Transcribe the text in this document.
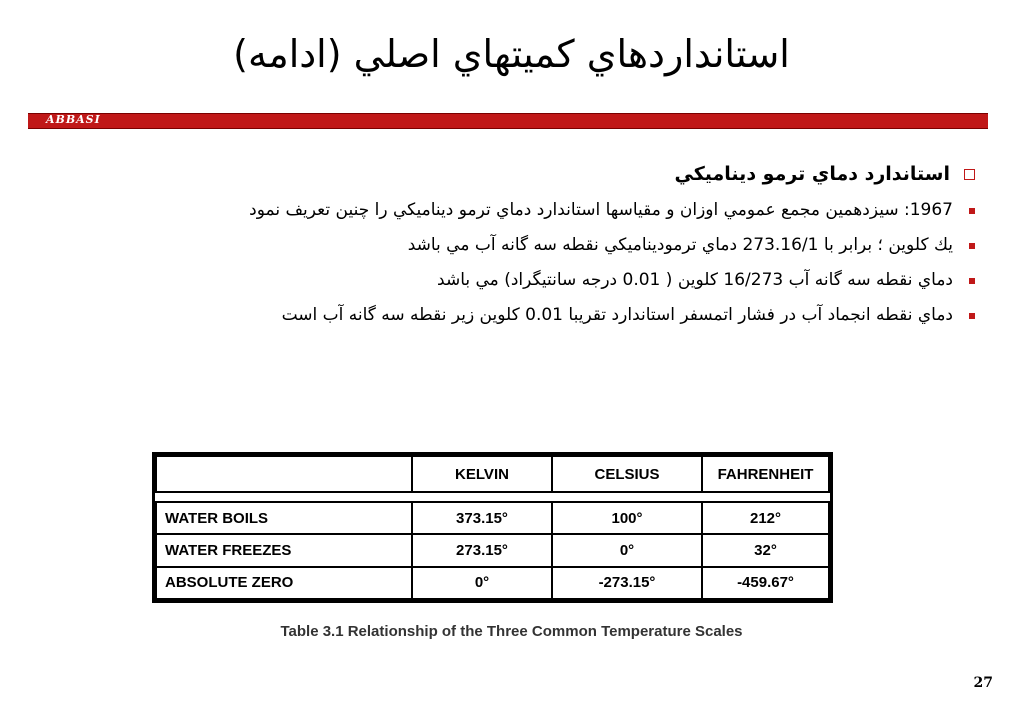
استانداردهاي كميتهاي اصلي (ادامه)
ABBASI
استاندارد دماي ترمو ديناميكي
1967: سيزدهمين مجمع عمومي اوزان و مقياسها استاندارد دماي ترمو ديناميكي را چنين تعريف نمود
يك كلوين ؛ برابر با 273.16/1 دماي ترموديناميكي نقطه سه گانه آب مي باشد
دماي نقطه سه گانه آب 16/273 كلوين ( 0.01 درجه سانتيگراد) مي باشد
دماي نقطه انجماد آب در فشار اتمسفر استاندارد تقريبا 0.01 كلوين زير نقطه سه گانه آب است
	KELVIN	CELSIUS	FAHRENHEIT

WATER BOILS	373.15°	100°	212°
WATER FREEZES	273.15°	0°	32°
ABSOLUTE ZERO	0°	-273.15°	-459.67°
Table 3.1 Relationship of the Three Common Temperature Scales
27
